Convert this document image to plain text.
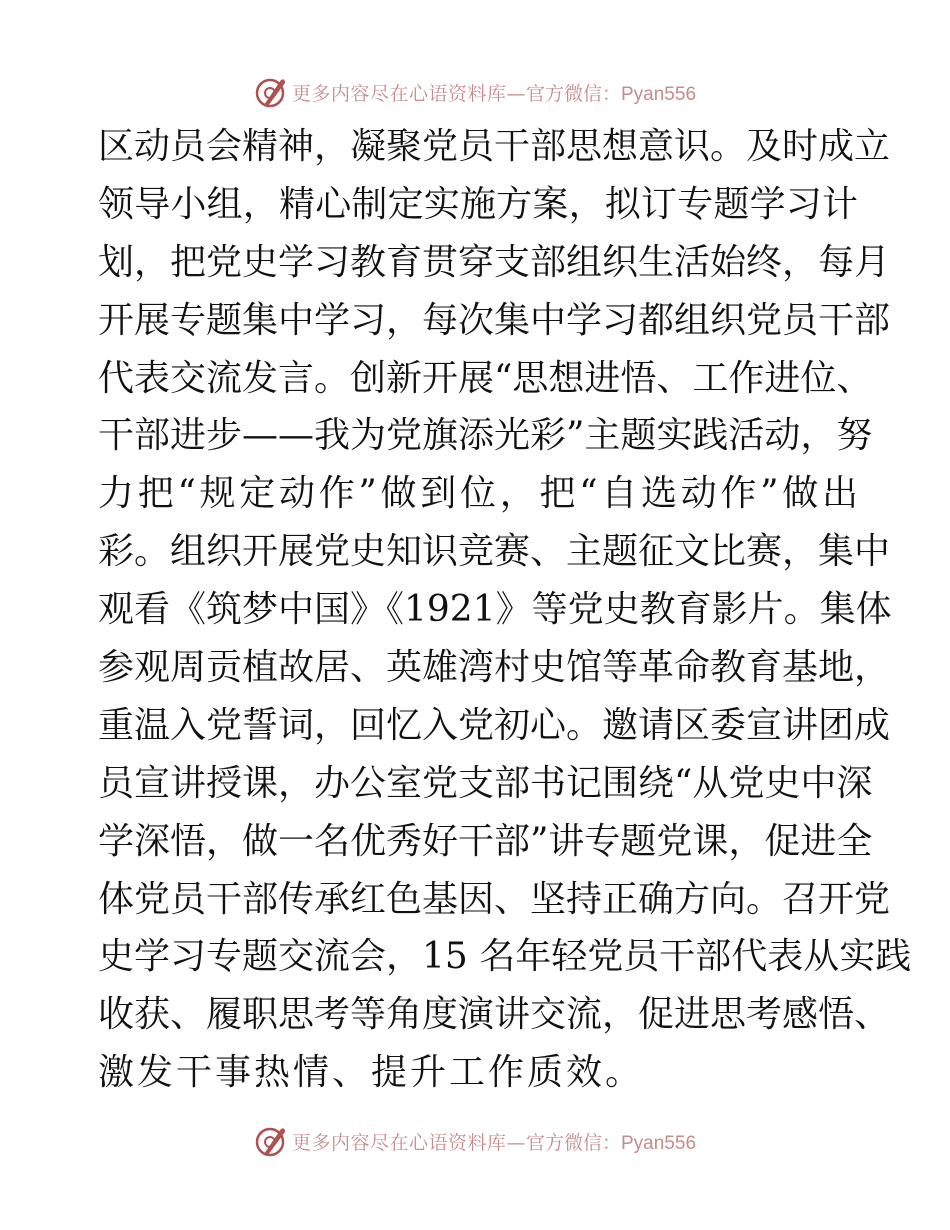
更多内容尽在心语资料库— 官方微信：Pyan556
区动员会精神，凝聚党员干部思想意识。及时成立
领导小组，精心制定实施方案，拟订专题学习计
划，把党史学习教育贯穿支部组织生活始终，每月
开展专题集中学习，每次集中学习都组织党员干部
代表交流发言。创新开展“思想进悟、工作进位、
干部进步——我为党旗添光彩”主题实践活动，努
力把“规定动作”做到位，把“自选动作”做出
彩。组织开展党史知识竞赛、主题征文比赛，集中
观看《筑梦中国》《1921》等党史教育影片。集体
参观周贡植故居、英雄湾村史馆等革命教育基地，
重温入党誓词，回忆入党初心。邀请区委宣讲团成
员宣讲授课，办公室党支部书记围绕“从党史中深
学深悟，做一名优秀好干部”讲专题党课，促进全
体党员干部传承红色基因、坚持正确方向。召开党
史学习专题交流会，15 名年轻党员干部代表从实践
收获、履职思考等角度演讲交流，促进思考感悟、
激发干事热情、提升工作质效。
更多内容尽在心语资料库— 官方微信：Pyan556
